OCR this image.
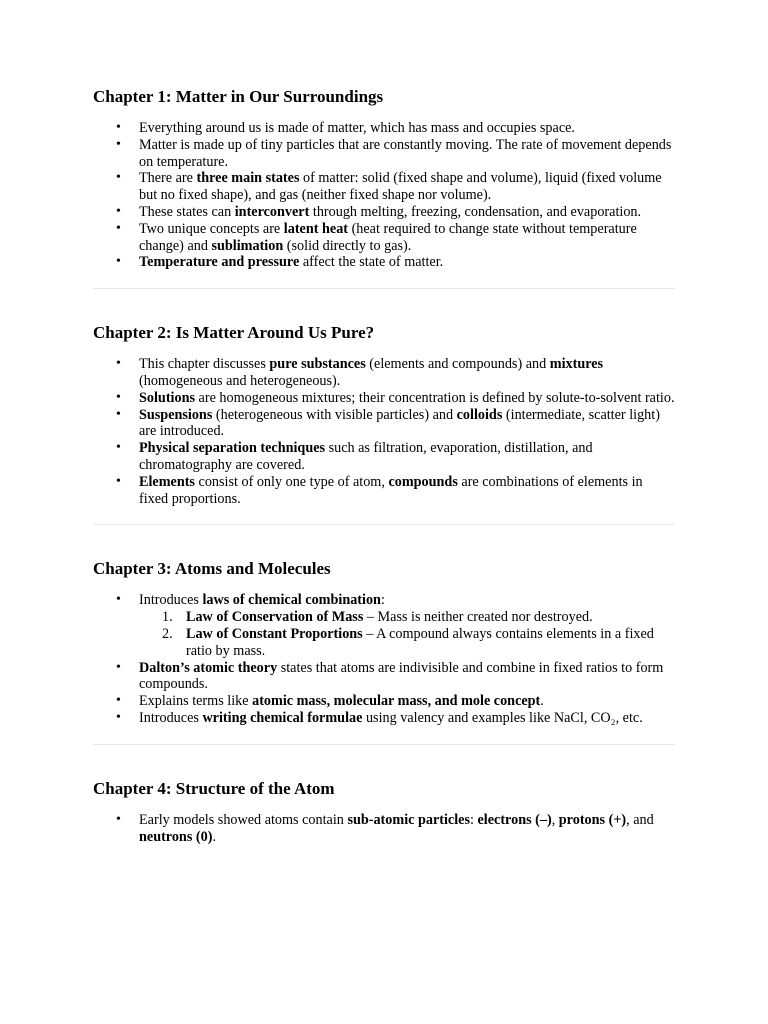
Chapter 1: Matter in Our Surroundings
• Everything around us is made of matter, which has mass and occupies space.
• Matter is made up of tiny particles that are constantly moving. The rate of movement depends on temperature.
• There are three main states of matter: solid (fixed shape and volume), liquid (fixed volume but no fixed shape), and gas (neither fixed shape nor volume).
• These states can interconvert through melting, freezing, condensation, and evaporation.
• Two unique concepts are latent heat (heat required to change state without temperature change) and sublimation (solid directly to gas).
• Temperature and pressure affect the state of matter.
Chapter 2: Is Matter Around Us Pure?
• This chapter discusses pure substances (elements and compounds) and mixtures (homogeneous and heterogeneous).
• Solutions are homogeneous mixtures; their concentration is defined by solute-to-solvent ratio.
• Suspensions (heterogeneous with visible particles) and colloids (intermediate, scatter light) are introduced.
• Physical separation techniques such as filtration, evaporation, distillation, and chromatography are covered.
• Elements consist of only one type of atom, compounds are combinations of elements in fixed proportions.
Chapter 3: Atoms and Molecules
• Introduces laws of chemical combination:
1. Law of Conservation of Mass – Mass is neither created nor destroyed.
2. Law of Constant Proportions – A compound always contains elements in a fixed ratio by mass.
• Dalton’s atomic theory states that atoms are indivisible and combine in fixed ratios to form compounds.
• Explains terms like atomic mass, molecular mass, and mole concept.
• Introduces writing chemical formulae using valency and examples like NaCl, CO₂, etc.
Chapter 4: Structure of the Atom
• Early models showed atoms contain sub-atomic particles: electrons (–), protons (+), and neutrons (0).
